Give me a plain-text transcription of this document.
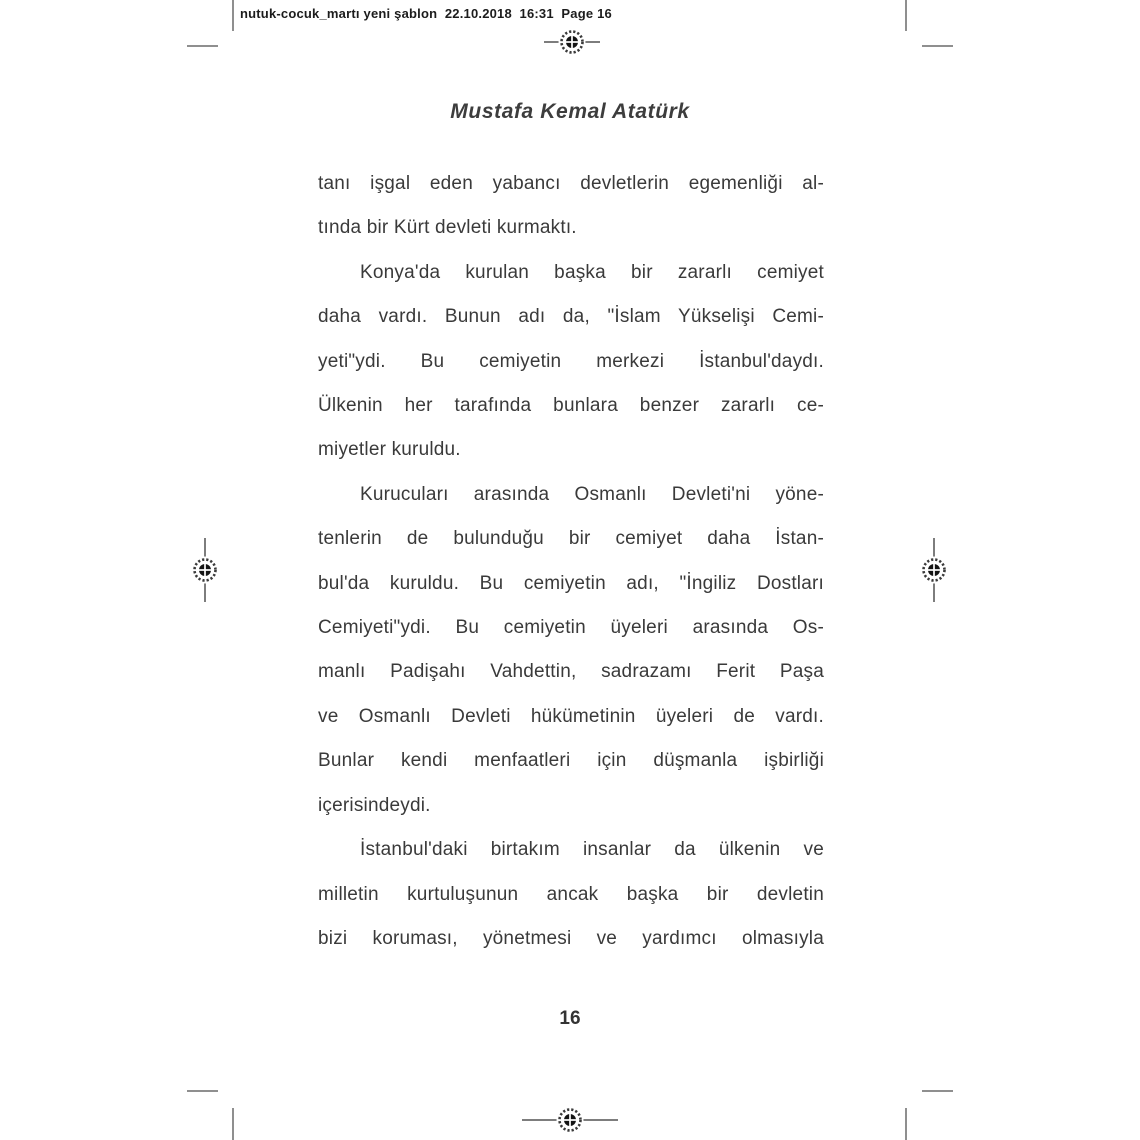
nutuk-cocuk_martı yeni şablon  22.10.2018  16:31  Page 16
Mustafa Kemal Atatürk
tanı işgal eden yabancı devletlerin egemenliği al-
tında bir Kürt devleti kurmaktı.
Konya'da kurulan başka bir zararlı cemiyet
daha vardı. Bunun adı da, "İslam Yükselişi Cemi-
yeti"ydi. Bu cemiyetin merkezi İstanbul'daydı.
Ülkenin her tarafında bunlara benzer zararlı ce-
miyetler kuruldu.
Kurucuları arasında Osmanlı Devleti'ni yöne-
tenlerin de bulunduğu bir cemiyet daha İstan-
bul'da kuruldu. Bu cemiyetin adı, "İngiliz Dostları
Cemiyeti"ydi. Bu cemiyetin üyeleri arasında Os-
manlı Padişahı Vahdettin, sadrazamı Ferit Paşa
ve Osmanlı Devleti hükümetinin üyeleri de vardı.
Bunlar kendi menfaatleri için düşmanla işbirliği
içerisindeydi.
İstanbul'daki birtakım insanlar da ülkenin ve
milletin kurtuluşunun ancak başka bir devletin
bizi koruması, yönetmesi ve yardımcı olmasıyla
16
